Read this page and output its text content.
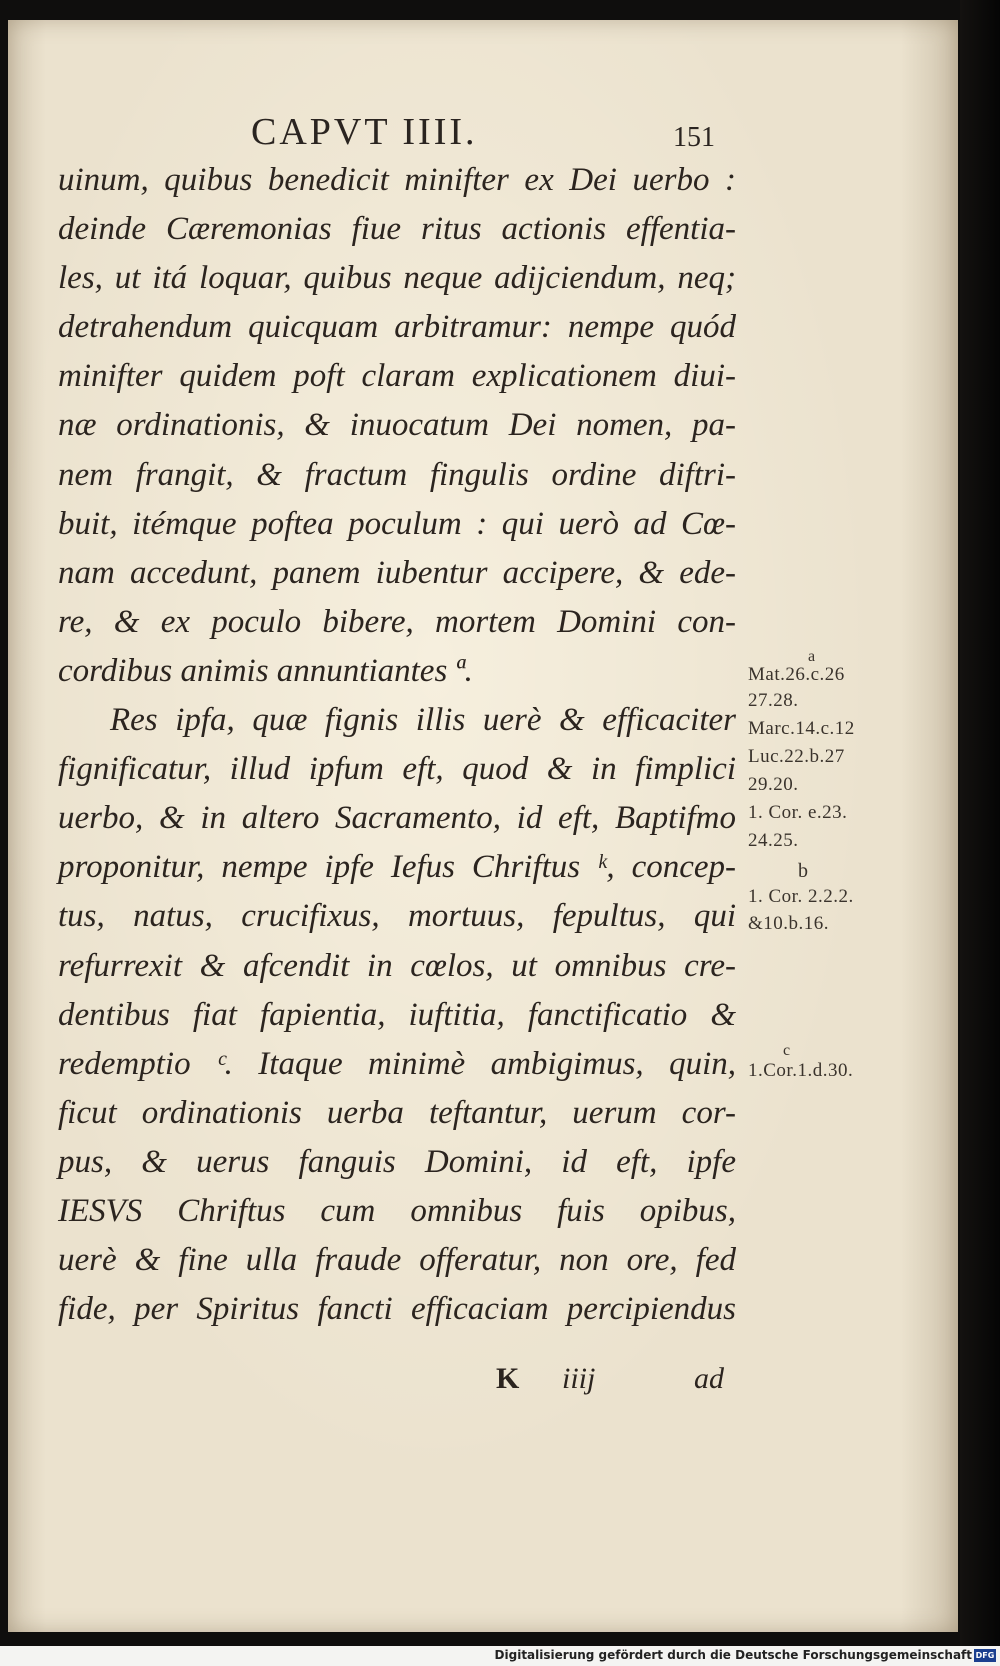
CAPVT IIII.	151
uinum, quibus benedicit minifter ex Dei uerbo :
deinde Cæremonias fiue ritus actionis effentia-
les, ut itá loquar, quibus neque adijciendum, neq;
detrahendum quicquam arbitramur: nempe quód
minifter quidem poft claram explicationem diui-
næ ordinationis, & inuocatum Dei nomen, pa-
nem frangit, & fractum fingulis ordine diftri-
buit, itémque poftea poculum : qui uerò ad Cœ-
nam accedunt, panem iubentur accipere, & ede-
re, & ex poculo bibere, mortem Domini con-
cordibus animis annuntiantes ª.
Res ipfa, quæ fignis illis uerè & efficaciter
fignificatur, illud ipfum eft, quod & in fimplici
uerbo, & in altero Sacramento, id eft, Baptifmo
proponitur, nempe ipfe Iefus Chriftus ᵏ, concep-
tus, natus, crucifixus, mortuus, fepultus, qui
refurrexit & afcendit in cœlos, ut omnibus cre-
dentibus fiat fapientia, iuftitia, fanctificatio &
redemptio ᶜ. Itaque minimè ambigimus, quin,
ficut ordinationis uerba teftantur, uerum cor-
pus, & uerus fanguis Domini, id eft, ipfe
IESVS Chriftus cum omnibus fuis opibus,
uerè & fine ulla fraude offeratur, non ore, fed
fide, per Spiritus fancti efficaciam percipiendus
K iiij	ad
a
Mat.26.c.26
27.28.
Marc.14.c.12
Luc.22.b.27
29.20.
1. Cor. e.23.
24.25.
b
1. Cor. 2.2.2.
&10.b.16.
c
1.Cor.1.d.30.
Digitalisierung gefördert durch die Deutsche Forschungsgemeinschaft DFG
